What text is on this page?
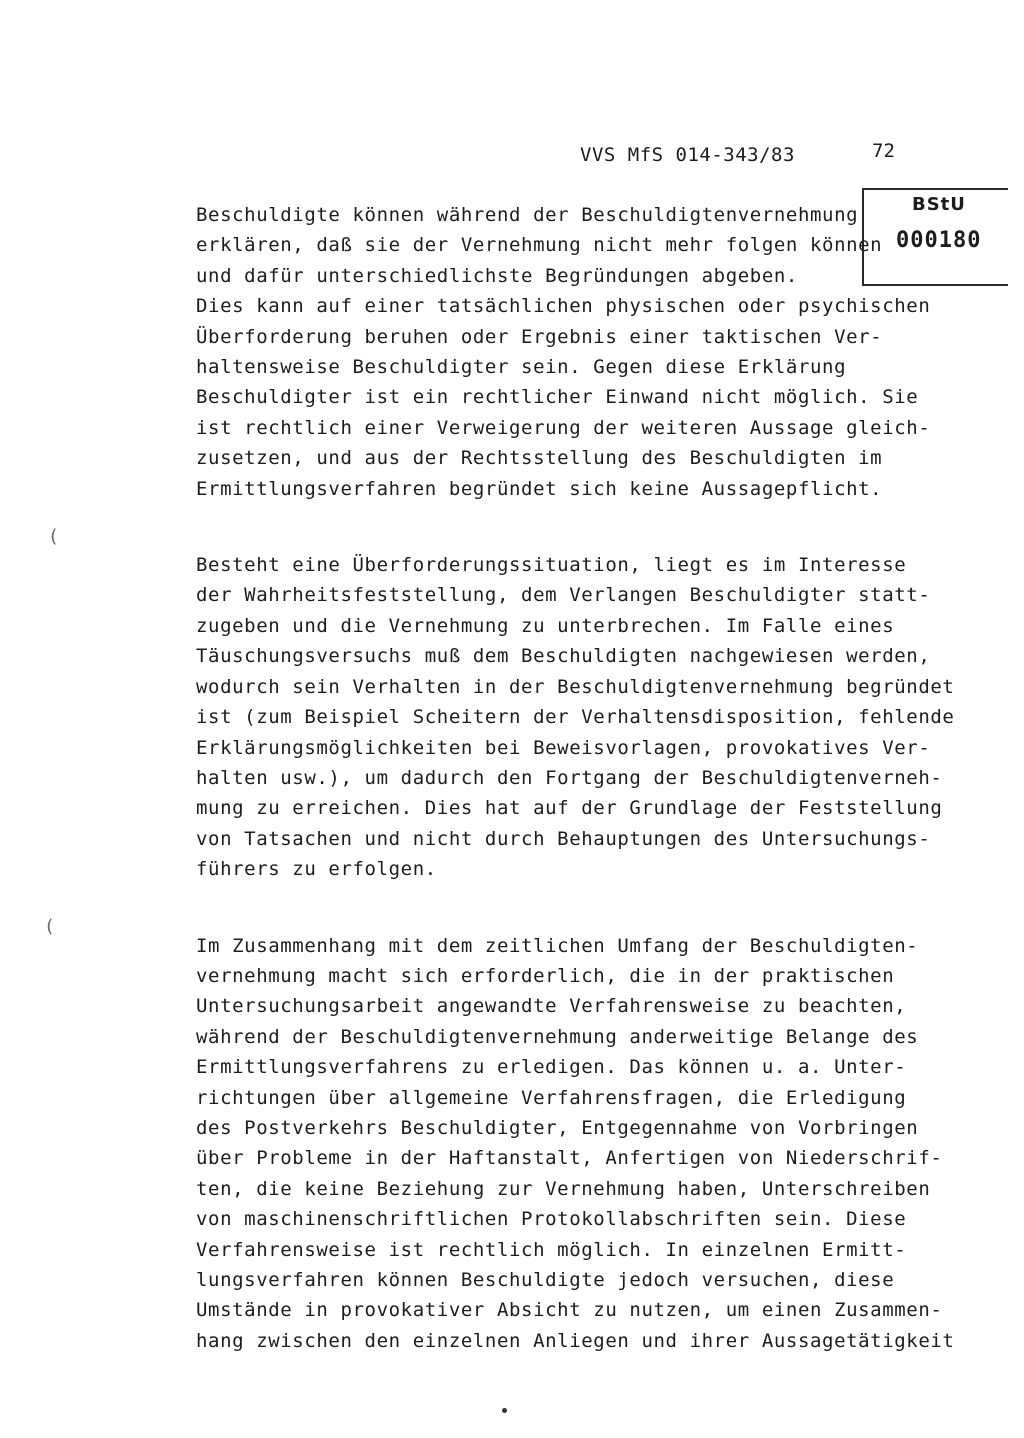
VVS MfS 014-343/83	72
BStU
000180
(
(
Beschuldigte können während der Beschuldigtenvernehmung
erklären, daß sie der Vernehmung nicht mehr folgen können
und dafür unterschiedlichste Begründungen abgeben.
Dies kann auf einer tatsächlichen physischen oder psychischen
Überforderung beruhen oder Ergebnis einer taktischen Ver-
haltensweise Beschuldigter sein. Gegen diese Erklärung
Beschuldigter ist ein rechtlicher Einwand nicht möglich. Sie
ist rechtlich einer Verweigerung der weiteren Aussage gleich-
zusetzen, und aus der Rechtsstellung des Beschuldigten im
Ermittlungsverfahren begründet sich keine Aussagepflicht.
Besteht eine Überforderungssituation, liegt es im Interesse
der Wahrheitsfeststellung, dem Verlangen Beschuldigter statt-
zugeben und die Vernehmung zu unterbrechen. Im Falle eines
Täuschungsversuchs muß dem Beschuldigten nachgewiesen werden,
wodurch sein Verhalten in der Beschuldigtenvernehmung begründet
ist (zum Beispiel Scheitern der Verhaltensdisposition, fehlende
Erklärungsmöglichkeiten bei Beweisvorlagen, provokatives Ver-
halten usw.), um dadurch den Fortgang der Beschuldigtenverneh-
mung zu erreichen. Dies hat auf der Grundlage der Feststellung
von Tatsachen und nicht durch Behauptungen des Untersuchungs-
führers zu erfolgen.
Im Zusammenhang mit dem zeitlichen Umfang der Beschuldigten-
vernehmung macht sich erforderlich, die in der praktischen
Untersuchungsarbeit angewandte Verfahrensweise zu beachten,
während der Beschuldigtenvernehmung anderweitige Belange des
Ermittlungsverfahrens zu erledigen. Das können u. a. Unter-
richtungen über allgemeine Verfahrensfragen, die Erledigung
des Postverkehrs Beschuldigter, Entgegennahme von Vorbringen
über Probleme in der Haftanstalt, Anfertigen von Niederschrif-
ten, die keine Beziehung zur Vernehmung haben, Unterschreiben
von maschinenschriftlichen Protokollabschriften sein. Diese
Verfahrensweise ist rechtlich möglich. In einzelnen Ermitt-
lungsverfahren können Beschuldigte jedoch versuchen, diese
Umstände in provokativer Absicht zu nutzen, um einen Zusammen-
hang zwischen den einzelnen Anliegen und ihrer Aussagetätigkeit
